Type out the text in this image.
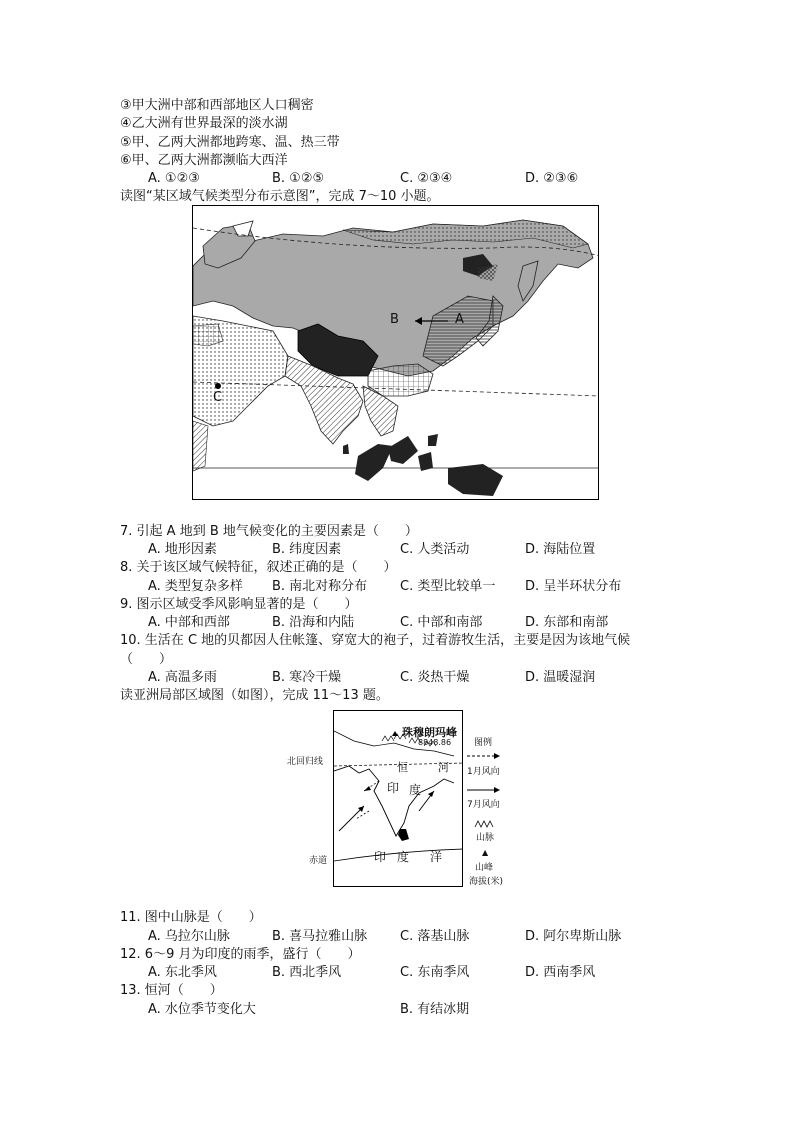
③甲大洲中部和西部地区人口稠密
④乙大洲有世界最深的淡水湖
⑤甲、乙两大洲都地跨寒、温、热三带
⑥甲、乙两大洲都濒临大西洋
A. ①②③	B. ①②⑤	C. ②③④	D. ②③⑥
读图“某区域气候类型分布示意图”，完成 7～10 小题。
B	A
C
7. 引起 A 地到 B 地气候变化的主要因素是（　　）
A. 地形因素	B. 纬度因素	C. 人类活动	D. 海陆位置
8. 关于该区域气候特征，叙述正确的是（　　）
A. 类型复杂多样 B. 南北对称分布	C. 类型比较单一 D. 呈半环状分布
9. 图示区域受季风影响显著的是（　　）
A. 中部和西部	B. 沿海和内陆	C. 中部和南部	D. 东部和南部
10. 生活在 C 地的贝都因人住帐篷、穿宽大的袍子，过着游牧生活，主要是因为该地气候
（　　）
A. 高温多雨	B. 寒冷干燥	C. 炎热干燥	D. 温暖湿润
读亚洲局部区域图（如图），完成 11～13 题。
珠穆朗玛峰
8848.86
恒	河
印 度
印 度 洋
北回归线
赤道
图例
1月风向
7月风向
山脉
▲
山峰
海拔(米)
11. 图中山脉是（　　）
A. 乌拉尔山脉	B. 喜马拉雅山脉	C. 落基山脉	D. 阿尔卑斯山脉
12. 6～9 月为印度的雨季，盛行（　　）
A. 东北季风	B. 西北季风	C. 东南季风	D. 西南季风
13. 恒河（　　）
A. 水位季节变化大	B. 有结冰期
